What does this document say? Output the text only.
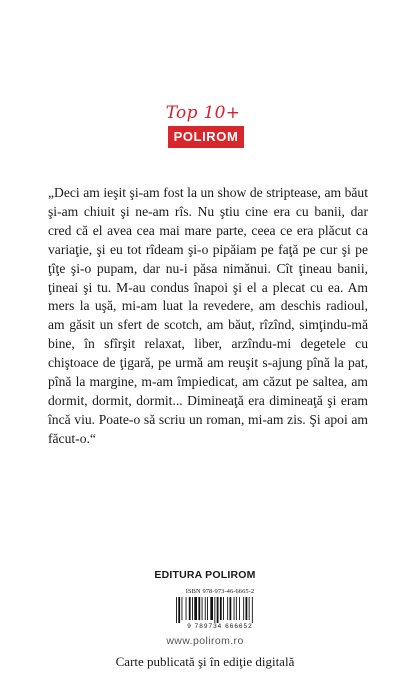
Top 10+
POLIROM

„Deci am ieşit şi-am fost la un show de striptease, am băut şi-am chiuit şi ne-am rîs. Nu ştiu cine era cu banii, dar cred că el avea cea mai mare parte, ceea ce era plăcut ca variaţie, şi eu tot rîdeam şi-o pipăiam pe faţă pe cur şi pe ţîţe şi-o pupam, dar nu-i păsa nimănui. Cît ţineau banii, ţineai şi tu. M-au condus înapoi şi el a plecat cu ea. Am mers la uşă, mi-am luat la revedere, am deschis radioul, am găsit un sfert de scotch, am băut, rîzînd, simţindu-mă bine, în sfîrşit relaxat, liber, arzîndu-mi degetele cu chiştoace de ţigară, pe urmă am reuşit s-ajung pînă la pat, pînă la margine, m-am împiedicat, am căzut pe saltea, am dormit, dormit, dormit... Dimineaţă era dimineaţă şi eram încă viu. Poate-o să scriu un roman, mi-am zis. Şi apoi am făcut-o.“

EDITURA POLIROM
ISBN 978-973-46-6665-2
9 789734 666652
www.polirom.ro
Carte publicată şi în ediţie digitală
